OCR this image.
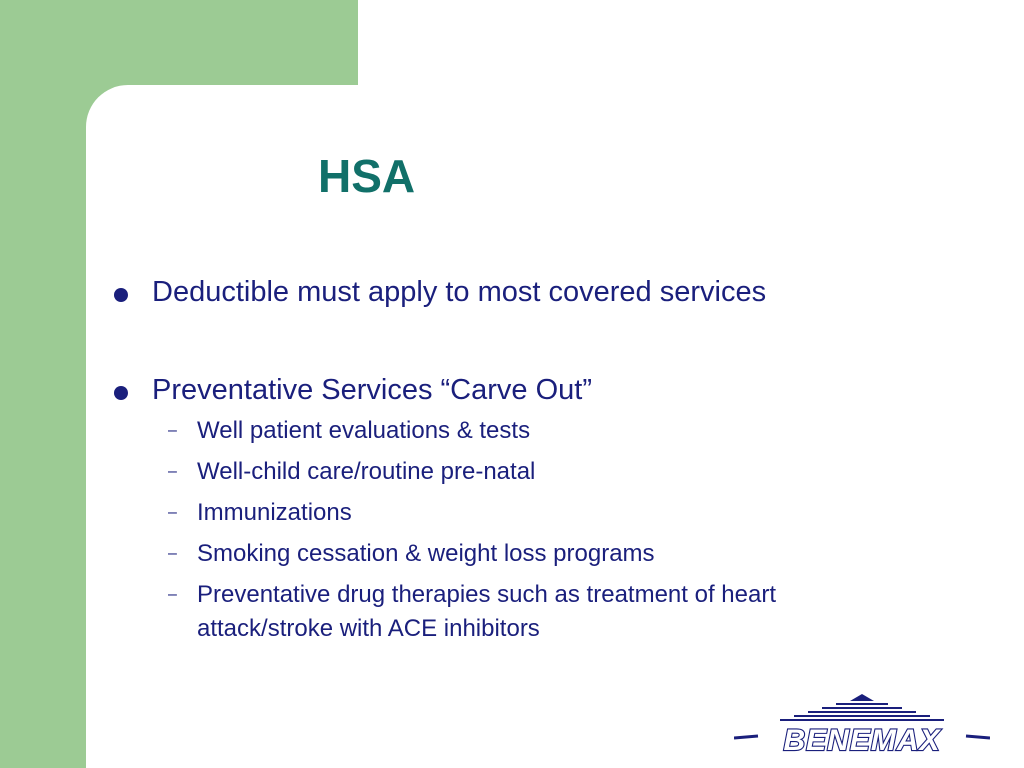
HSA
Deductible must apply to most covered services
Preventative Services “Carve Out”
– Well patient evaluations & tests
– Well-child care/routine pre-natal
– Immunizations
– Smoking cessation & weight loss programs
– Preventative drug therapies such as treatment of heart attack/stroke with ACE inhibitors
BENEMAX
